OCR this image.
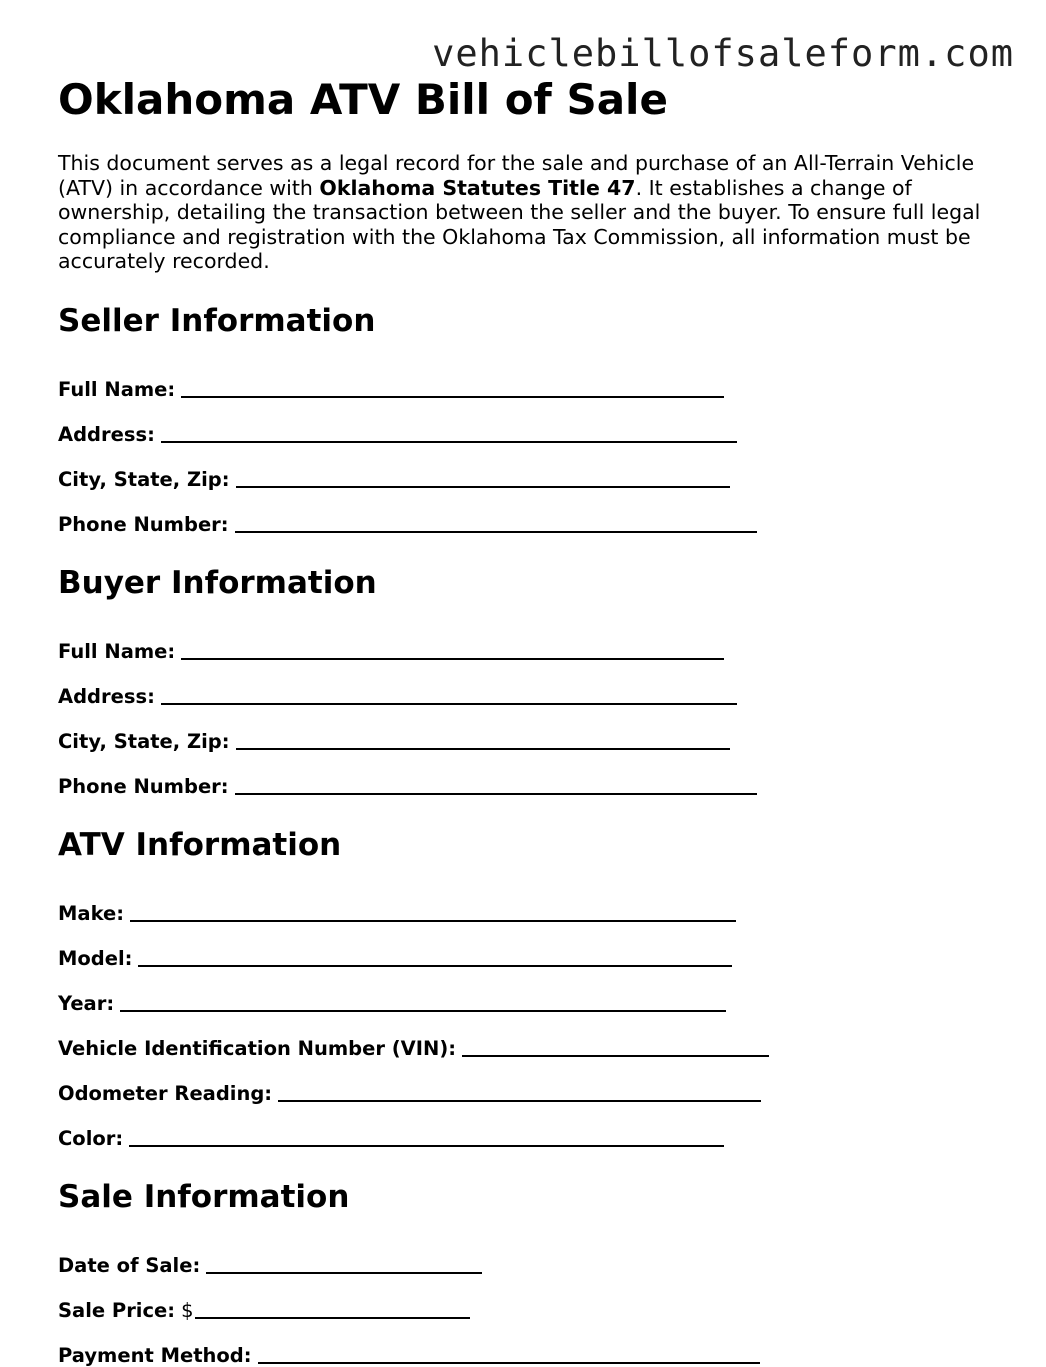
vehiclebillofsaleform.com
Oklahoma ATV Bill of Sale

This document serves as a legal record for the sale and purchase of an All-Terrain Vehicle (ATV) in accordance with Oklahoma Statutes Title 47. It establishes a change of ownership, detailing the transaction between the seller and the buyer. To ensure full legal compliance and registration with the Oklahoma Tax Commission, all information must be accurately recorded.

Seller Information
Full Name:
Address:
City, State, Zip:
Phone Number:
Buyer Information
Full Name:
Address:
City, State, Zip:
Phone Number:
ATV Information
Make:
Model:
Year:
Vehicle Identification Number (VIN):
Odometer Reading:
Color:
Sale Information
Date of Sale:
Sale Price: $
Payment Method:
